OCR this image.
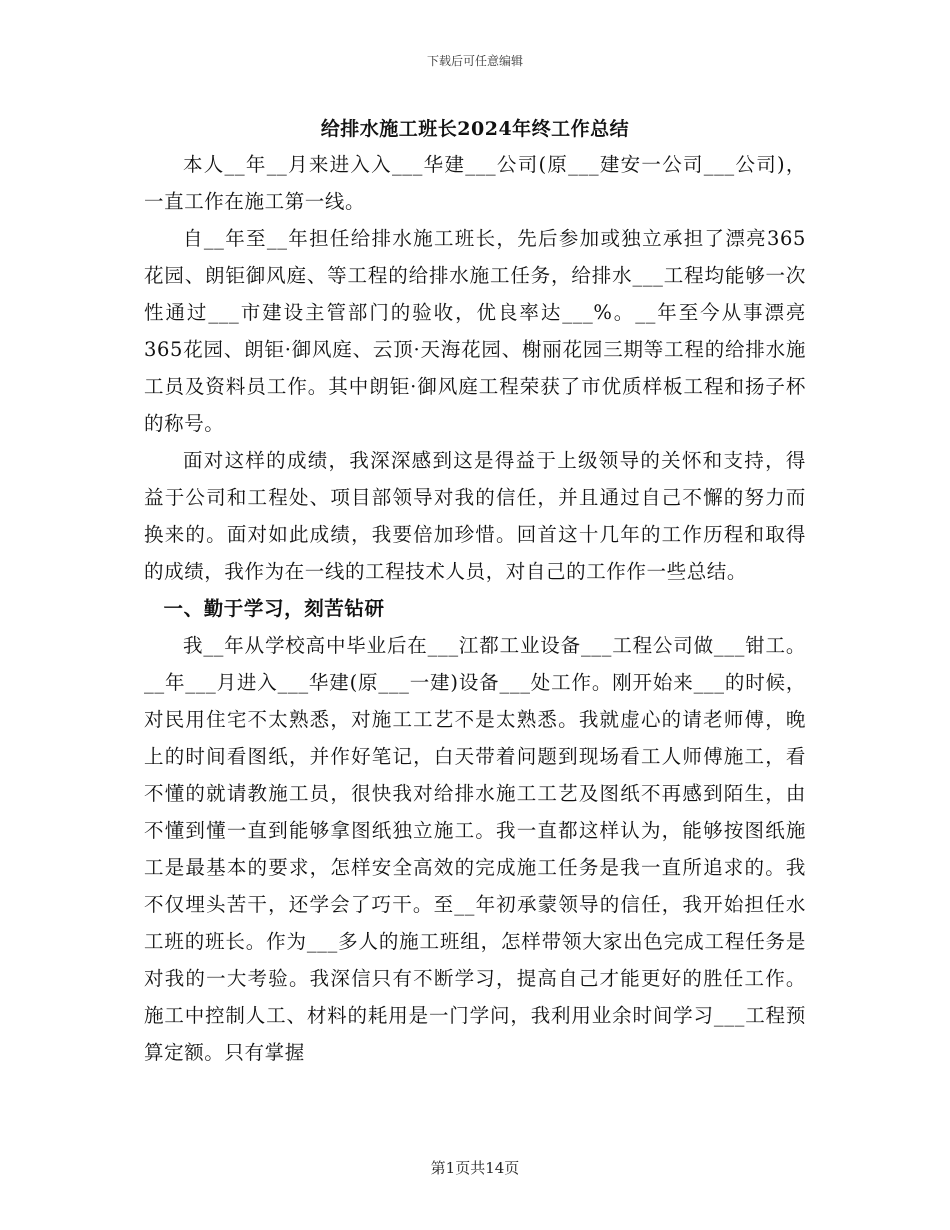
下载后可任意编辑
给排水施工班长2024年终工作总结

本人__年__月来进入入___华建___公司(原___建安一公司___公司)，一直工作在施工第一线。

自__年至__年担任给排水施工班长，先后参加或独立承担了漂亮365花园、朗钜御风庭、等工程的给排水施工任务，给排水___工程均能够一次性通过___市建设主管部门的验收，优良率达___%。__年至今从事漂亮365花园、朗钜·御风庭、云顶·天海花园、榭丽花园三期等工程的给排水施工员及资料员工作。其中朗钜·御风庭工程荣获了市优质样板工程和扬子杯的称号。

面对这样的成绩，我深深感到这是得益于上级领导的关怀和支持，得益于公司和工程处、项目部领导对我的信任，并且通过自己不懈的努力而换来的。面对如此成绩，我要倍加珍惜。回首这十几年的工作历程和取得的成绩，我作为在一线的工程技术人员，对自己的工作作一些总结。

一、勤于学习，刻苦钻研

我__年从学校高中毕业后在___江都工业设备___工程公司做___钳工。__年___月进入___华建(原___一建)设备___处工作。刚开始来___的时候，对民用住宅不太熟悉，对施工工艺不是太熟悉。我就虚心的请老师傅，晚上的时间看图纸，并作好笔记，白天带着问题到现场看工人师傅施工，看不懂的就请教施工员，很快我对给排水施工工艺及图纸不再感到陌生，由不懂到懂一直到能够拿图纸独立施工。我一直都这样认为，能够按图纸施工是最基本的要求，怎样安全高效的完成施工任务是我一直所追求的。我不仅埋头苦干，还学会了巧干。至__年初承蒙领导的信任，我开始担任水工班的班长。作为___多人的施工班组，怎样带领大家出色完成工程任务是对我的一大考验。我深信只有不断学习，提高自己才能更好的胜任工作。施工中控制人工、材料的耗用是一门学问，我利用业余时间学习___工程预算定额。只有掌握

第1页共14页
